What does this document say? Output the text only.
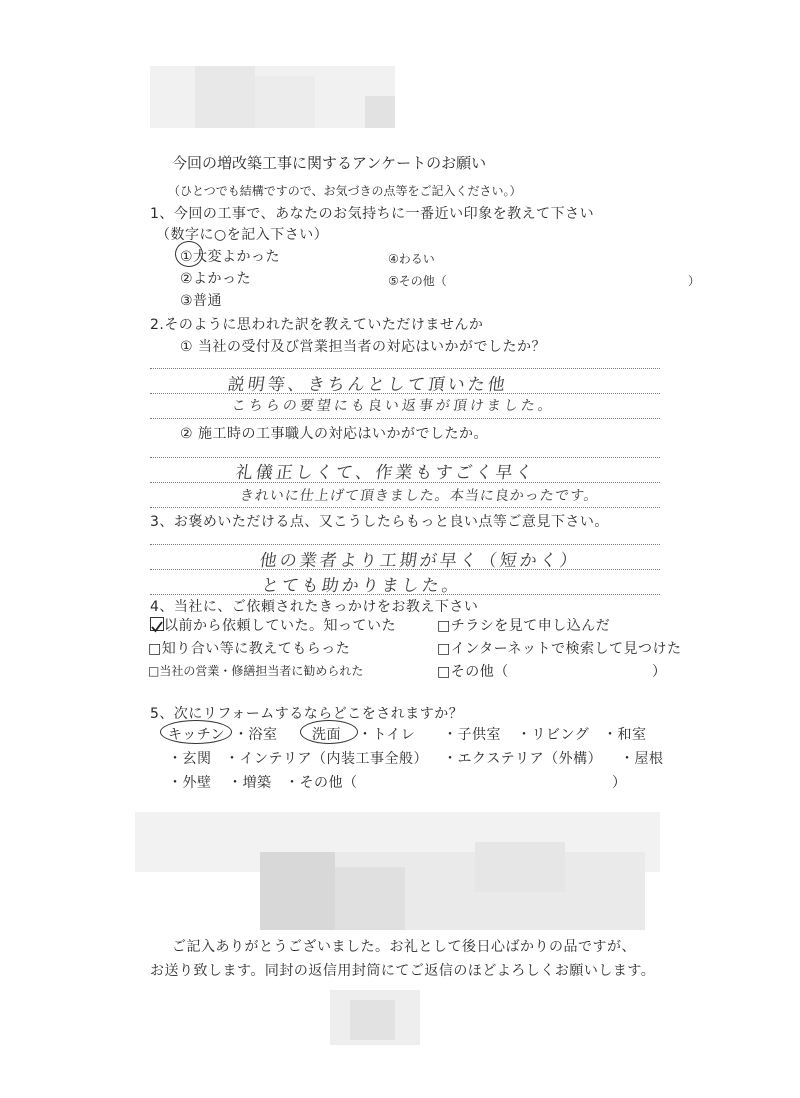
今回の増改築工事に関するアンケートのお願い
（ひとつでも結構ですので、お気づきの点等をご記入ください。）
1、今回の工事で、あなたのお気持ちに一番近い印象を教えて下さい
（数字に○を記入下さい）
①大変よかった
②よかった
③普通
④わるい
⑤その他（	）
2.そのように思われた訳を教えていただけませんか
① 当社の受付及び営業担当者の対応はいかがでしたか？
説明等、きちんとして頂いた他
こちらの要望にも良い返事が頂けました。
② 施工時の工事職人の対応はいかがでしたか。
礼儀正しくて、作業もすごく早く
きれいに仕上げて頂きました。本当に良かったです。
3、お褒めいただける点、又こうしたらもっと良い点等ご意見下さい。
他の業者より工期が早く（短かく）
とても助かりました。
4、当社に、ご依頼されたきっかけをお教え下さい
以前から依頼していた。知っていた	□チラシを見て申し込んだ
□知り合い等に教えてもらった	□インターネットで検索して見つけた
□当社の営業・修繕担当者に勧められた	□その他（	）
5、次にリフォームするならどこをされますか？
キッチン ・浴室 洗面 ・トイレ ・子供室 ・リビング ・和室
・玄関 ・インテリア（内装工事全般） ・エクステリア（外構） ・屋根
・外壁 ・増築 ・その他（	）
ご記入ありがとうございました。お礼として後日心ばかりの品ですが、
お送り致します。同封の返信用封筒にてご返信のほどよろしくお願いします。
